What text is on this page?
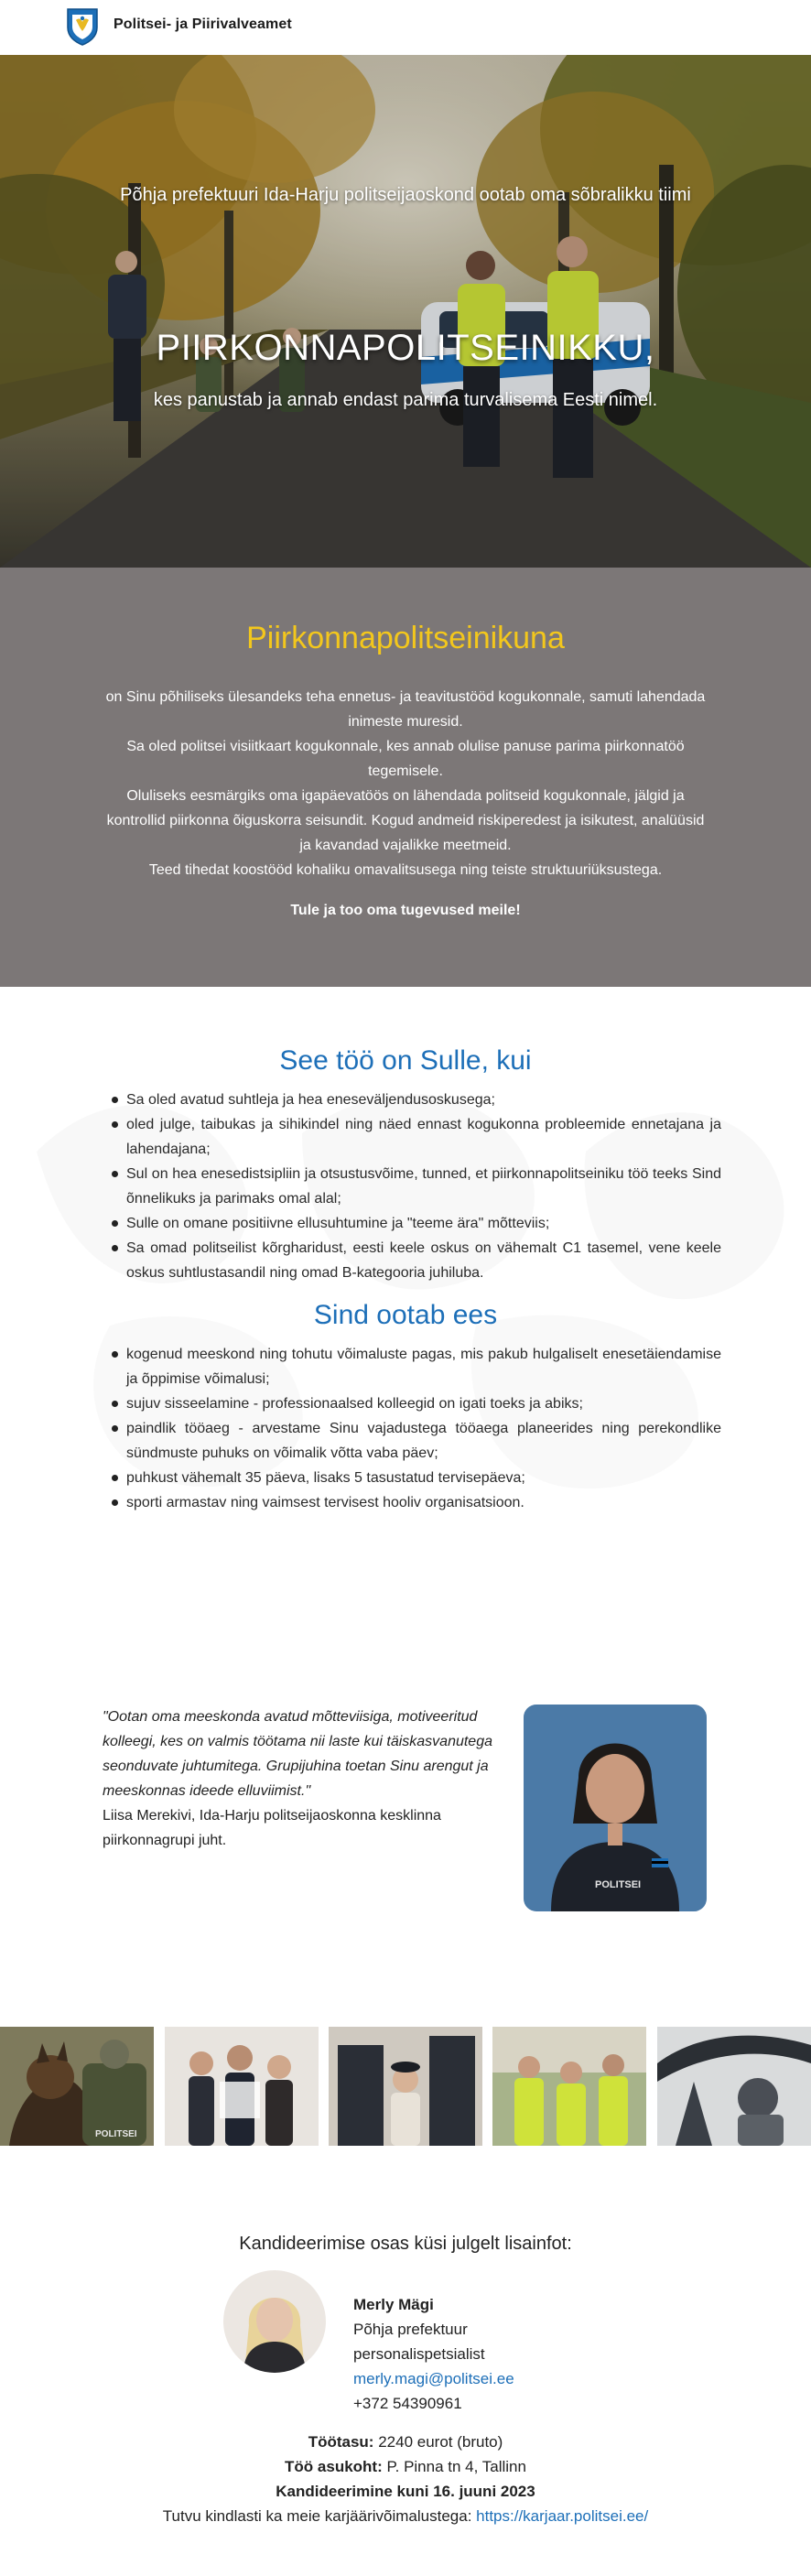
Politsei- ja Piirivalveamet
Põhja prefektuuri Ida-Harju politseijaoskond ootab oma sõbralikku tiimi
PIIRKONNAPOLITSEINIKKU,
kes panustab ja annab endast parima turvalisema Eesti nimel.
Piirkonnapolitseinikuna

on Sinu põhiliseks ülesandeks teha ennetus- ja teavitustööd kogukonnale, samuti lahendada inimeste muresid.

Sa oled politsei visiitkaart kogukonnale, kes annab olulise panuse parima piirkonnatöö tegemisele.

Oluliseks eesmärgiks oma igapäevatöös on lähendada politseid kogukonnale, jälgid ja kontrollid piirkonna õiguskorra seisundit. Kogud andmeid riskiperedest ja isikutest, analüüsid ja kavandad vajalikke meetmeid.

Teed tihedat koostööd kohaliku omavalitsusega ning teiste struktuuriüksustega.

Tule ja too oma tugevused meile!
See töö on Sulle, kui
Sa oled avatud suhtleja ja hea eneseväljendusoskusega;
oled julge, taibukas ja sihikindel ning näed ennast kogukonna probleemide ennetajana ja lahendajana;
Sul on hea enesedistsipliin ja otsustusvõime, tunned, et piirkonnapolitseiniku töö teeks Sind õnnelikuks ja parimaks omal alal;
Sulle on omane positiivne ellusuhtumine ja "teeme ära" mõtteviis;
Sa omad politseilist kõrgharidust, eesti keele oskus on vähemalt C1 tasemel, vene keele oskus suhtlustasandil ning omad B-kategooria juhiluba.
Sind ootab ees
kogenud meeskond ning tohutu võimaluste pagas, mis pakub hulgaliselt enesetäiendamise ja õppimise võimalusi;
sujuv sisseelamine - professionaalsed kolleegid on igati toeks ja abiks;
paindlik tööaeg - arvestame Sinu vajadustega tööaega planeerides ning perekondlike sündmuste puhuks on võimalik võtta vaba päev;
puhkust vähemalt 35 päeva, lisaks 5 tasustatud tervisepäeva;
sporti armastav ning vaimsest tervisest hooliv organisatsioon.
"Ootan oma meeskonda avatud mõtteviisiga, motiveeritud kolleegi, kes on valmis töötama nii laste kui täiskasvanutega seonduvate juhtumitega. Grupijuhina toetan Sinu arengut ja meeskonnas ideede elluviimist."
Liisa Merekivi, Ida-Harju politseijaoskonna kesklinna piirkonnagrupi juht.
POLITSEI
POLITSEI
Kandideerimise osas küsi julgelt lisainfot:
Merly Mägi
Põhja prefektuur
personalispetsialist
merly.magi@politsei.ee
+372 54390961
Töötasu: 2240 eurot (bruto)
Töö asukoht: P. Pinna tn 4, Tallinn
Kandideerimine kuni 16. juuni 2023
Tutvu kindlasti ka meie karjäärivõimalustega: https://karjaar.politsei.ee/
